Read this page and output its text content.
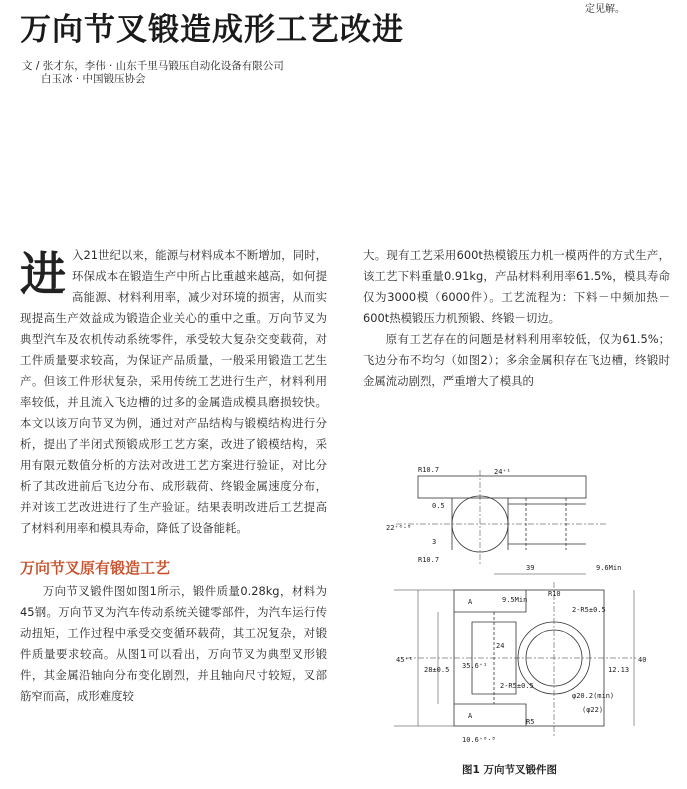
万向节叉锻造成形工艺改进
定见解。
文 / 张才东，李伟 · 山东千里马锻压自动化设备有限公司
白玉冰 · 中国锻压协会

进入21世纪以来，能源与材料成本不断增加，同时，环保成本在锻造生产中所占比重越来越高，如何提高能源、材料利用率，减少对环境的损害，从而实现提高生产效益成为锻造企业关心的重中之重。万向节叉为典型汽车及农机传动系统零件，承受较大复杂交变载荷，对工件质量要求较高，为保证产品质量，一般采用锻造工艺生产。但该工件形状复杂，采用传统工艺进行生产，材料利用率较低，并且流入飞边槽的过多的金属造成模具磨损较快。本文以该万向节叉为例，通过对产品结构与锻模结构进行分析，提出了半闭式预锻成形工艺方案，改进了锻模结构，采用有限元数值分析的方法对改进工艺方案进行验证，对比分析了其改进前后飞边分布、成形载荷、终锻金属速度分布，并对该工艺改进进行了生产验证。结果表明改进后工艺提高了材料利用率和模具寿命，降低了设备能耗。

万向节叉原有锻造工艺

万向节叉锻件图如图1所示，锻件质量0.28kg，材料为45钢。万向节叉为汽车传动系统关键零部件，为汽车运行传动扭矩，工作过程中承受交变循环载荷，其工况复杂，对锻件质量要求较高。从图1可以看出，万向节叉为典型叉形锻件，其金属沿轴向分布变化剧烈，并且轴向尺寸较短，叉部筋窄而高，成形难度较

大。现有工艺采用600t热模锻压力机一模两件的方式生产，该工艺下料重量0.91kg，产品材料利用率61.5%，模具寿命仅为3000模（6000件）。工艺流程为：下料－中频加热－600t热模锻压力机预锻、终锻－切边。

原有工艺存在的问题是材料利用率较低，仅为61.5%；飞边分布不均匀（如图2）；多余金属积存在飞边槽，终锻时金属流动剧烈，严重增大了模具的

R10.7	24⁺¹
0.5
22⁺⁰·⁸
3
R10.7
39	9.6Min
A	9.5Min
R10
2-R5±0.5
45⁺¹
28±0.5 35.6⁺¹
24
40
12.13
2-R5±0.5
φ20.2(min)
(φ22)
A
R5
10.6⁺⁰·⁸
图1 万向节叉锻件图
